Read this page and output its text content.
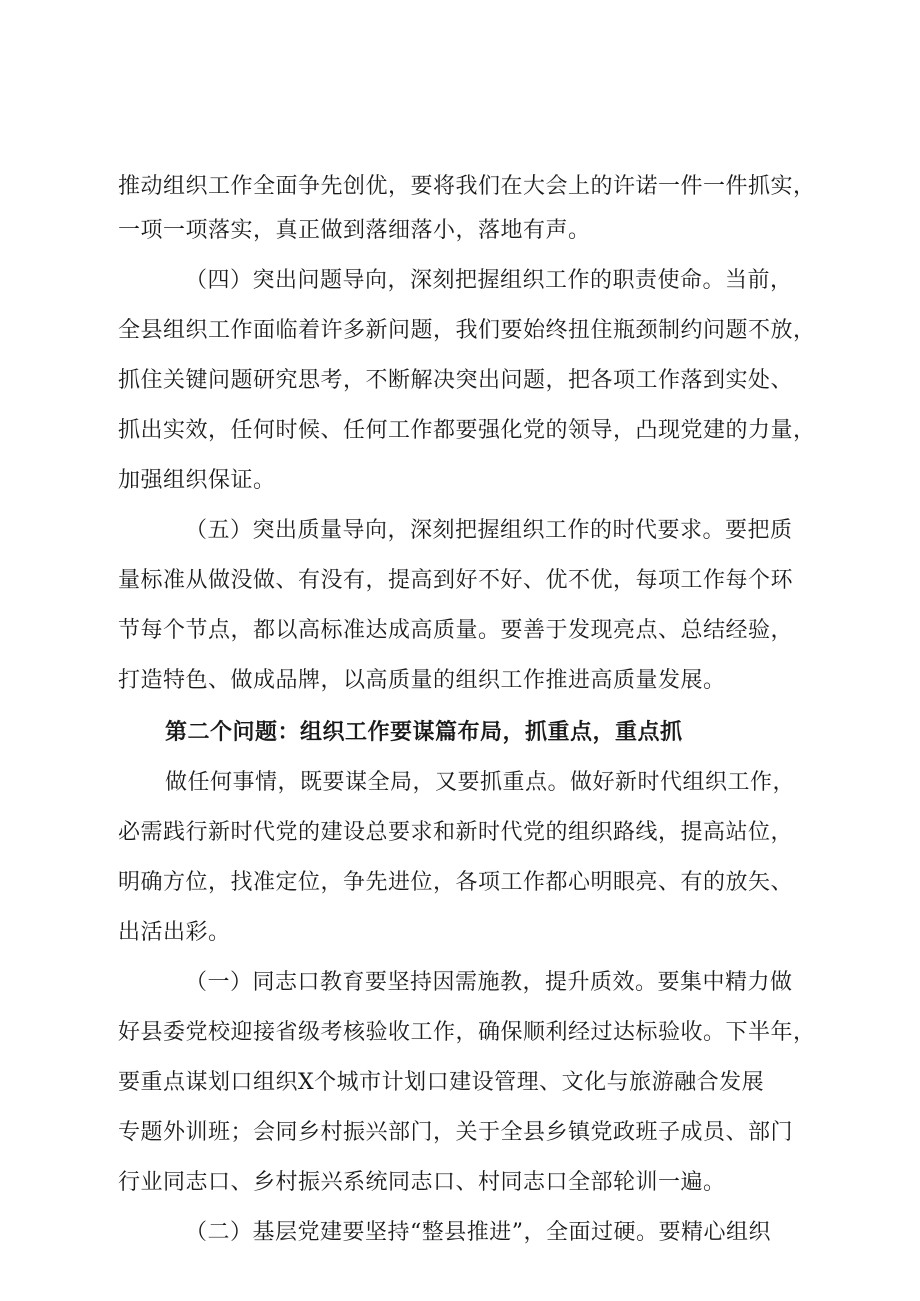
推动组织工作全面争先创优，要将我们在大会上的许诺一件一件抓实，
一项一项落实，真正做到落细落小，落地有声。
（四）突出问题导向，深刻把握组织工作的职责使命。当前，
全县组织工作面临着许多新问题，我们要始终扭住瓶颈制约问题不放，
抓住关键问题研究思考，不断解决突出问题，把各项工作落到实处、
抓出实效，任何时候、任何工作都要强化党的领导，凸现党建的力量，
加强组织保证。
（五）突出质量导向，深刻把握组织工作的时代要求。要把质
量标准从做没做、有没有，提高到好不好、优不优，每项工作每个环
节每个节点，都以高标准达成高质量。要善于发现亮点、总结经验，
打造特色、做成品牌，以高质量的组织工作推进高质量发展。
第二个问题：组织工作要谋篇布局，抓重点，重点抓
做任何事情，既要谋全局，又要抓重点。做好新时代组织工作，
必需践行新时代党的建设总要求和新时代党的组织路线，提高站位，
明确方位，找准定位，争先进位，各项工作都心明眼亮、有的放矢、
出活出彩。
（一）同志口教育要坚持因需施教，提升质效。要集中精力做
好县委党校迎接省级考核验收工作，确保顺利经过达标验收。下半年，
要重点谋划口组织X个城市计划口建设管理、文化与旅游融合发展
专题外训班；会同乡村振兴部门，关于全县乡镇党政班子成员、部门
行业同志口、乡村振兴系统同志口、村同志口全部轮训一遍。
（二）基层党建要坚持“整县推进”，全面过硬。要精心组织
